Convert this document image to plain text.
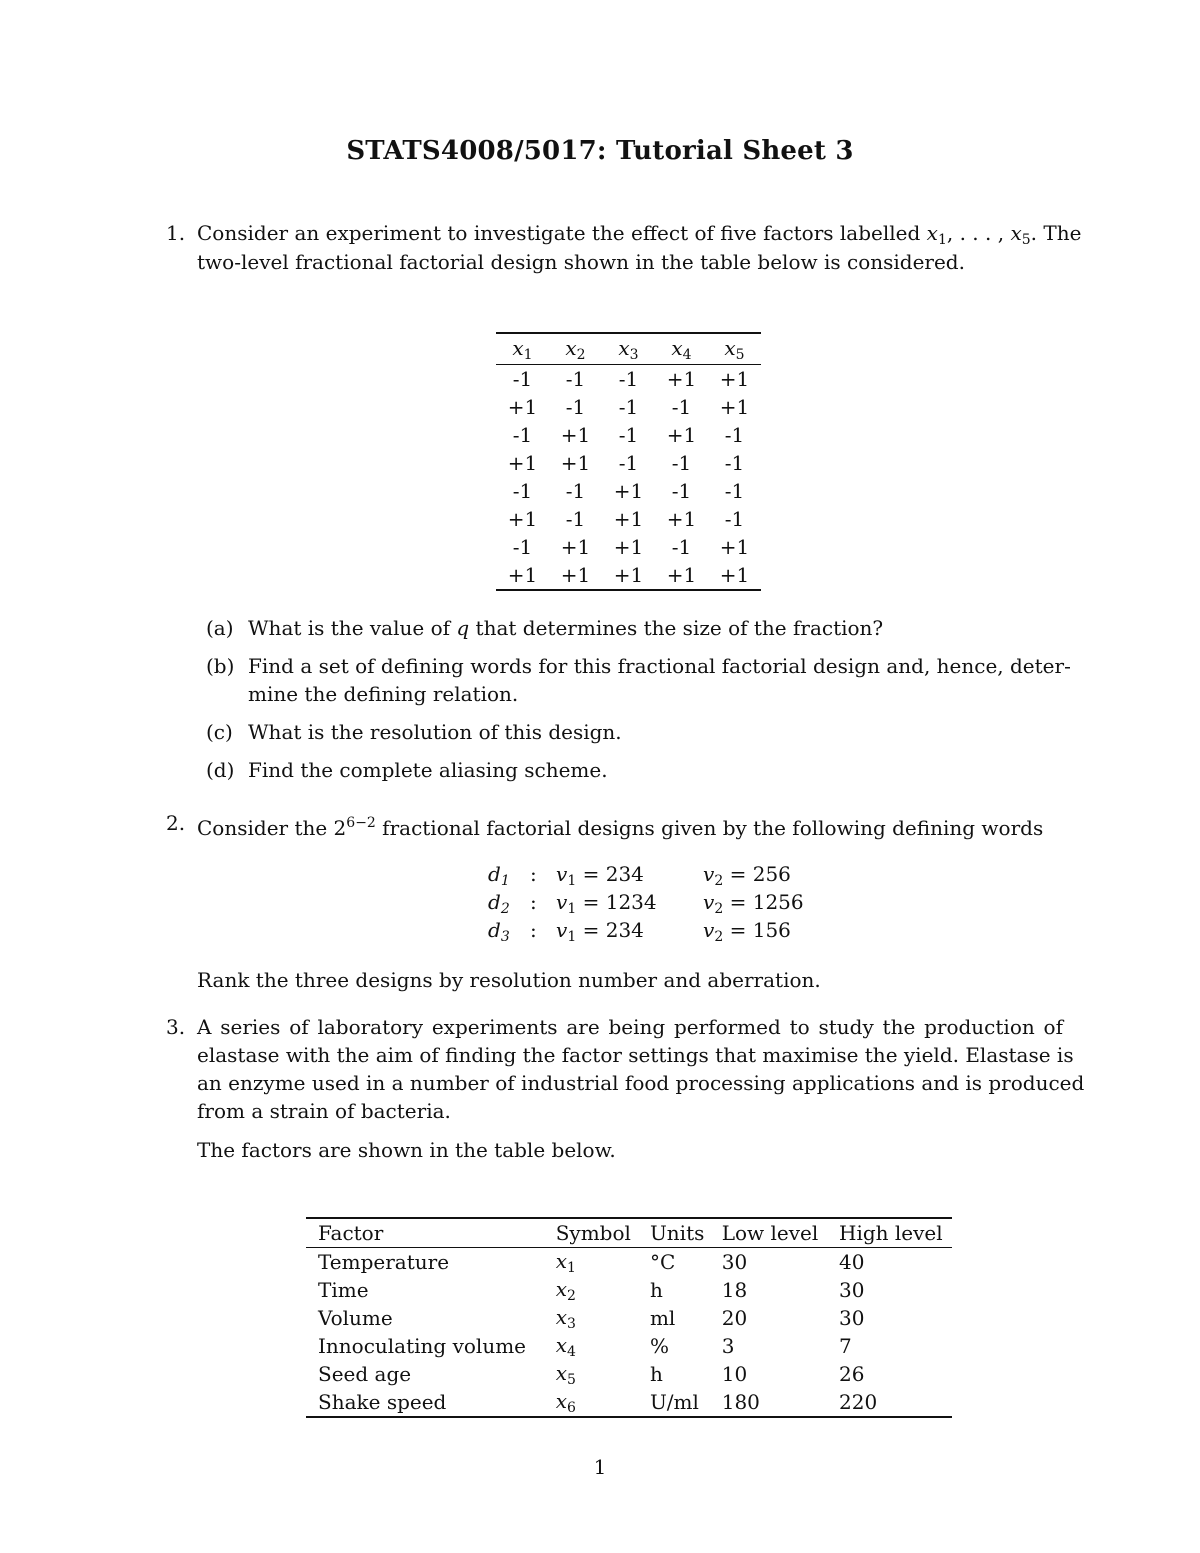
STATS4008/5017: Tutorial Sheet 3
1. Consider an experiment to investigate the effect of five factors labelled $x_1$, . . . , $x_5$. The
two-level fractional factorial design shown in the table below is considered.
$x_1$	$x_2$	$x_3$	$x_4$	$x_5$
-1	-1	-1	+1	+1
+1	-1	-1	-1	+1
-1	+1	-1	+1	-1
+1	+1	-1	-1	-1
-1	-1	+1	-1	-1
+1	-1	+1	+1	-1
-1	+1	+1	-1	+1
+1	+1	+1	+1	+1
(a) What is the value of q that determines the size of the fraction?
(b) Find a set of defining words for this fractional factorial design and, hence, deter-
mine the defining relation.
(c) What is the resolution of this design.
(d) Find the complete aliasing scheme.
2. Consider the $2^{6-2}$ fractional factorial designs given by the following defining words
$d_1$ : $v_1 = 234$	$v_2 = 256$
$d_2$ : $v_1 = 1234$ $v_2 = 1256$
$d_3$ : $v_1 = 234$	$v_2 = 156$
Rank the three designs by resolution number and aberration.
3. A series of laboratory experiments are being performed to study the production of
elastase with the aim of finding the factor settings that maximise the yield. Elastase is
an enzyme used in a number of industrial food processing applications and is produced
from a strain of bacteria.
The factors are shown in the table below.
Factor	Symbol	Units	Low level	High level
Temperature	$x_1$	°C	30	40
Time	$x_2$	h	18	30
Volume	$x_3$	ml	20	30
Innoculating volume	$x_4$	%	3	7
Seed age	$x_5$	h	10	26
Shake speed	$x_6$	U/ml	180	220
1
